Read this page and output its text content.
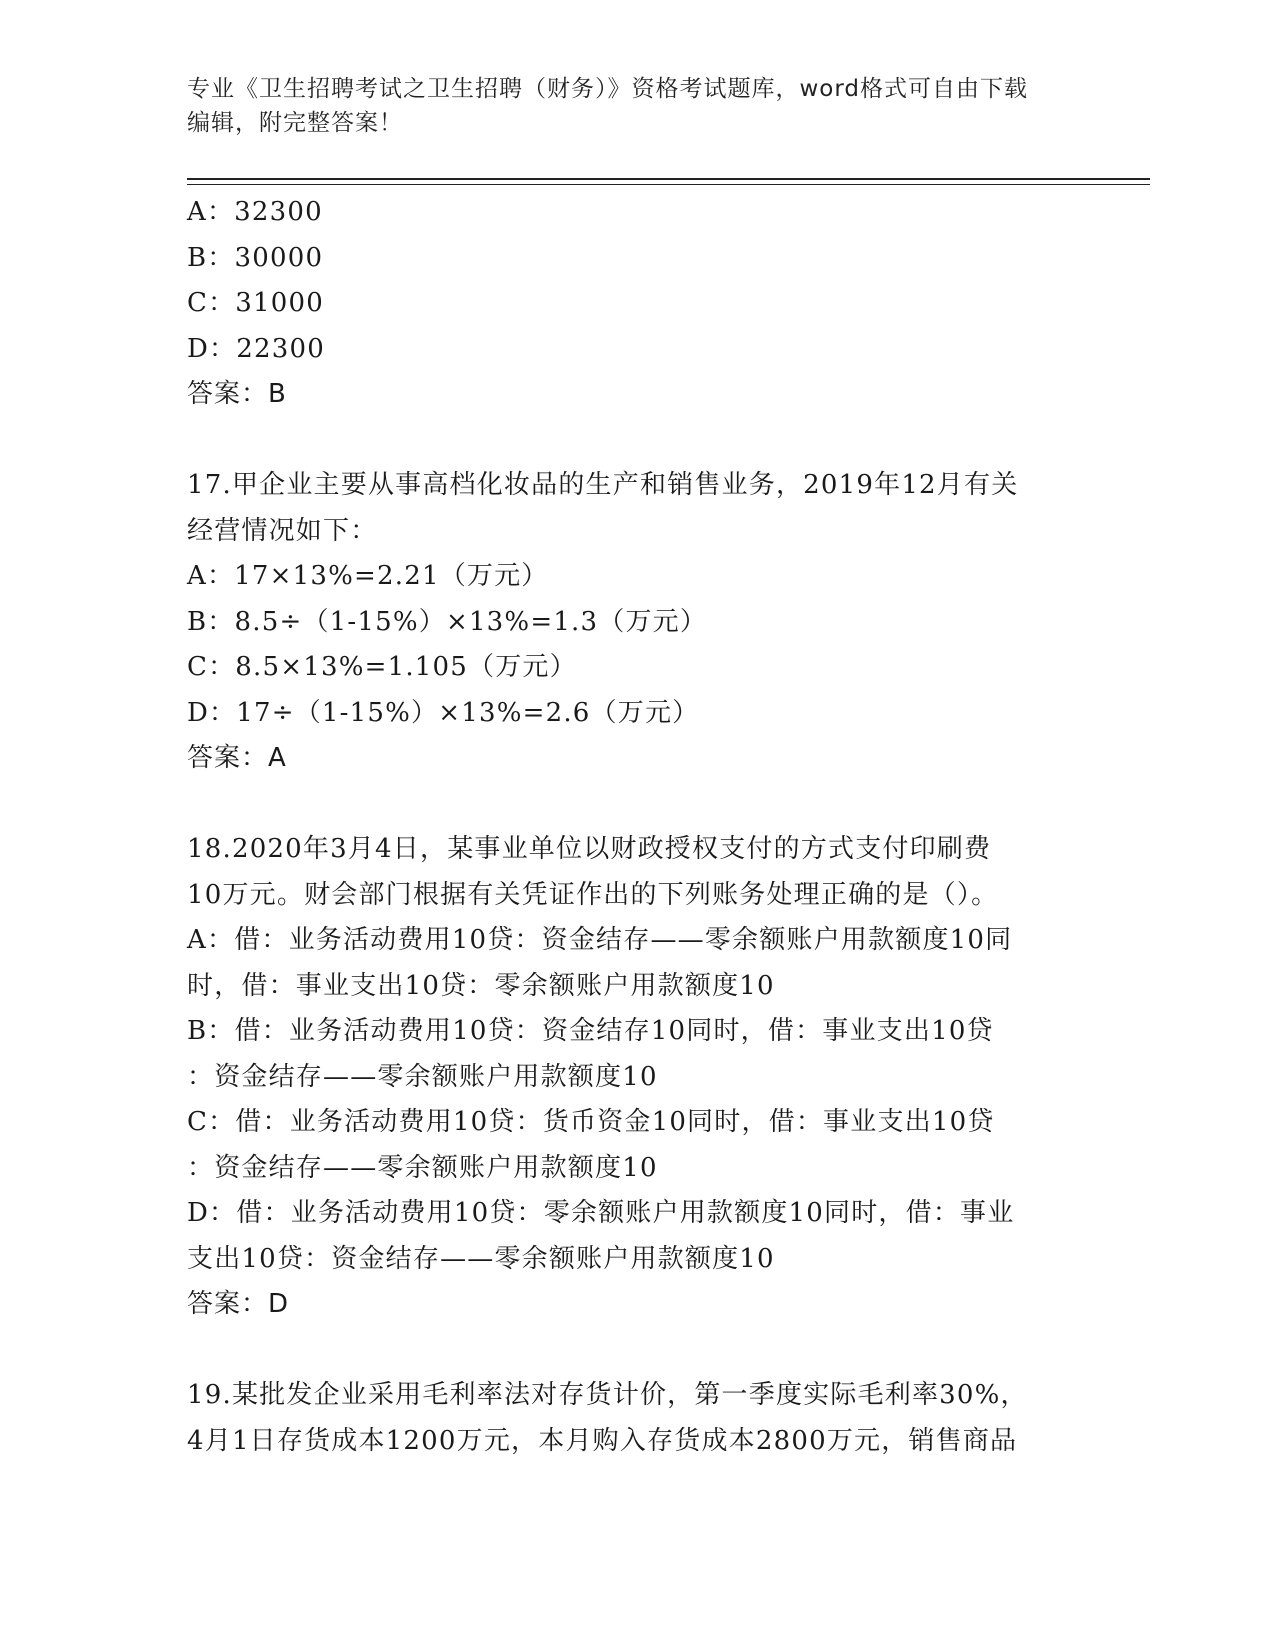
专业《卫生招聘考试之卫生招聘（财务）》资格考试题库，word格式可自由下载
编辑，附完整答案！
A：32300
B：30000
C：31000
D：22300
答案：B
17.甲企业主要从事高档化妆品的生产和销售业务，2019年12月有关
经营情况如下：
A：17×13%=2.21（万元）
B：8.5÷（1-15%）×13%=1.3（万元）
C：8.5×13%=1.105（万元）
D：17÷（1-15%）×13%=2.6（万元）
答案：A
18.2020年3月4日，某事业单位以财政授权支付的方式支付印刷费
10万元。财会部门根据有关凭证作出的下列账务处理正确的是（）。
A：借：业务活动费用10贷：资金结存——零余额账户用款额度10同
时，借：事业支出10贷：零余额账户用款额度10
B：借：业务活动费用10贷：资金结存10同时，借：事业支出10贷
：资金结存——零余额账户用款额度10
C：借：业务活动费用10贷：货币资金10同时，借：事业支出10贷
：资金结存——零余额账户用款额度10
D：借：业务活动费用10贷：零余额账户用款额度10同时，借：事业
支出10贷：资金结存——零余额账户用款额度10
答案：D
19.某批发企业采用毛利率法对存货计价，第一季度实际毛利率30%，
4月1日存货成本1200万元，本月购入存货成本2800万元，销售商品
